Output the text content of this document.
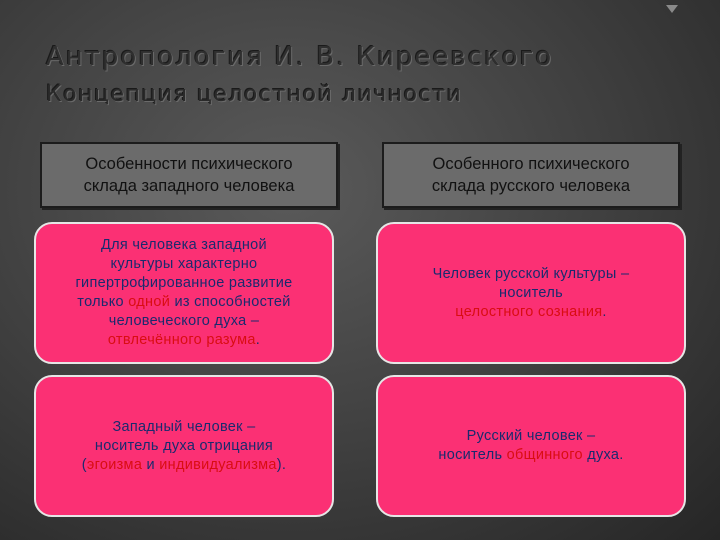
Антропология И. В. Киреевского
Концепция целостной личности
Особенности психического
склада западного человека
Особенного психического
склада русского человека
Для человека западной
культуры характерно
гипертрофированное развитие
только одной из способностей
человеческого духа –
отвлечённого разума.
Человек русской культуры –
носитель
целостного сознания.
Западный человек –
носитель духа отрицания
(эгоизма и индивидуализма).
Русский человек –
носитель общинного духа.
